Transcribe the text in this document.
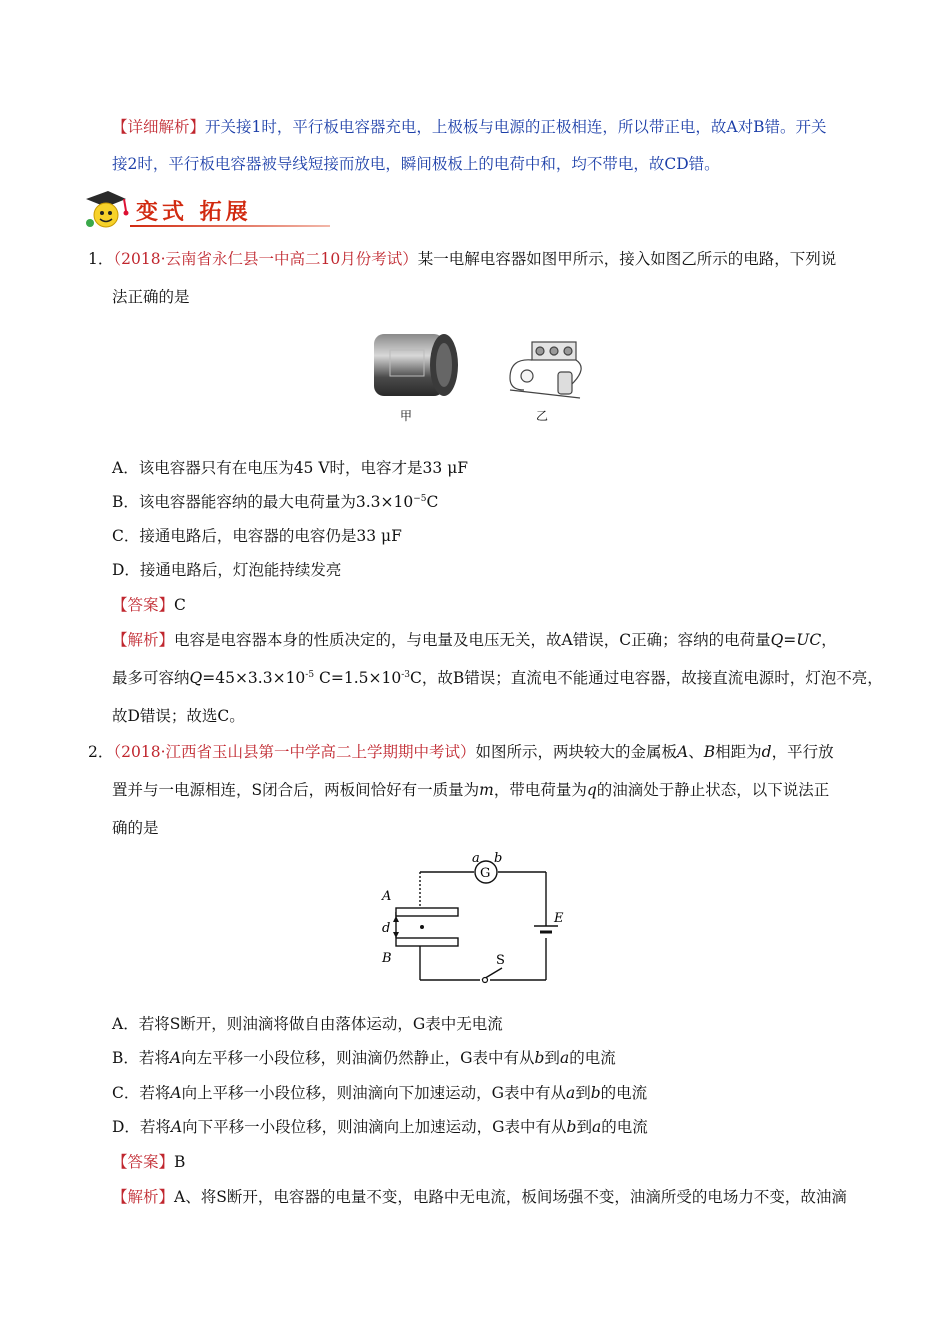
【详细解析】开关接1时，平行板电容器充电，上极板与电源的正极相连，所以带正电，故A对B错。开关
接2时，平行板电容器被导线短接而放电，瞬间极板上的电荷中和，均不带电，故CD错。
变式 拓展
1．（2018·云南省永仁县一中高二10月份考试）某一电解电容器如图甲所示，接入如图乙所示的电路，下列说
法正确的是
甲	乙
A．该电容器只有在电压为45 V时，电容才是33 μF
B．该电容器能容纳的最大电荷量为$3.3\times 10^{-5}C$
C．接通电路后，电容器的电容仍是33 μF
D．接通电路后，灯泡能持续发亮
【答案】C
【解析】电容是电容器本身的性质决定的，与电量及电压无关，故A错误，C正确；容纳的电荷量Q=UC，
最多可容纳$Q=45\times 3.3\times 10^{-5}$ $C=1.5\times 10^{-3}C$，故B错误；直流电不能通过电容器，故接直流电源时，灯泡不亮，
故D错误；故选C。
2．（2018·江西省玉山县第一中学高二上学期期中考试）如图所示，两块较大的金属板A、B相距为d，平行放
置并与一电源相连，S闭合后，两板间恰好有一质量为m，带电荷量为q的油滴处于静止状态，以下说法正
确的是
G
a b
A
d
B
E
S
A．若将S断开，则油滴将做自由落体运动，G表中无电流
B．若将A向左平移一小段位移，则油滴仍然静止，G表中有从b到a的电流
C．若将A向上平移一小段位移，则油滴向下加速运动，G表中有从a到b的电流
D．若将A向下平移一小段位移，则油滴向上加速运动，G表中有从b到a的电流
【答案】B
【解析】A、将S断开，电容器的电量不变，电路中无电流，板间场强不变，油滴所受的电场力不变，故油滴
